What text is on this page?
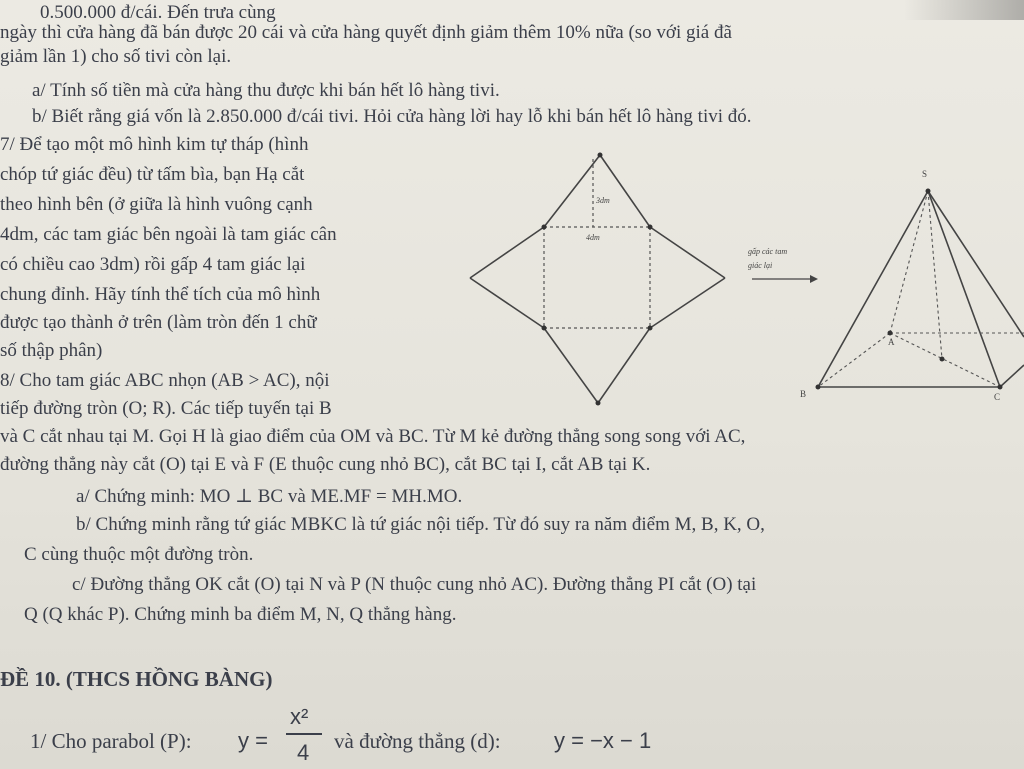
0.500.000 đ/cái. Đến trưa cùng
ngày thì cửa hàng đã bán được 20 cái và cửa hàng quyết định giảm thêm 10% nữa (so với giá đã
giảm lần 1) cho số tivi còn lại.
a/ Tính số tiền mà cửa hàng thu được khi bán hết lô hàng tivi.
b/ Biết rằng giá vốn là 2.850.000 đ/cái tivi. Hỏi cửa hàng lời hay lỗ khi bán hết lô hàng tivi đó.
7/ Để tạo một mô hình kim tự tháp (hình
chóp tứ giác đều) từ tấm bìa, bạn Hạ cắt
theo hình bên (ở giữa là hình vuông cạnh
4dm, các tam giác bên ngoài là tam giác cân
có chiều cao 3dm) rồi gấp 4 tam giác lại
chung đỉnh. Hãy tính thể tích của mô hình
được tạo thành ở trên (làm tròn đến 1 chữ
số thập phân)
8/ Cho tam giác ABC nhọn (AB > AC), nội
tiếp đường tròn (O; R). Các tiếp tuyến tại B
và C cắt nhau tại M. Gọi H là giao điểm của OM và BC. Từ M kẻ đường thẳng song song với AC,
đường thẳng này cắt (O) tại E và F (E thuộc cung nhỏ BC), cắt BC tại I, cắt AB tại K.
a/ Chứng minh: MO ⊥ BC và ME.MF = MH.MO.
b/ Chứng minh rằng tứ giác MBKC là tứ giác nội tiếp. Từ đó suy ra năm điểm M, B, K, O,
C cùng thuộc một đường tròn.
c/ Đường thẳng OK cắt (O) tại N và P (N thuộc cung nhỏ AC). Đường thẳng PI cắt (O) tại
Q (Q khác P). Chứng minh ba điểm M, N, Q thẳng hàng.
ĐỀ 10. (THCS HỒNG BÀNG)
1/ Cho parabol (P): y =
x²
4 và đường thẳng (d): y = −x − 1
3dm
4dm
gấp các tam
giác lại
S
A
B	C
